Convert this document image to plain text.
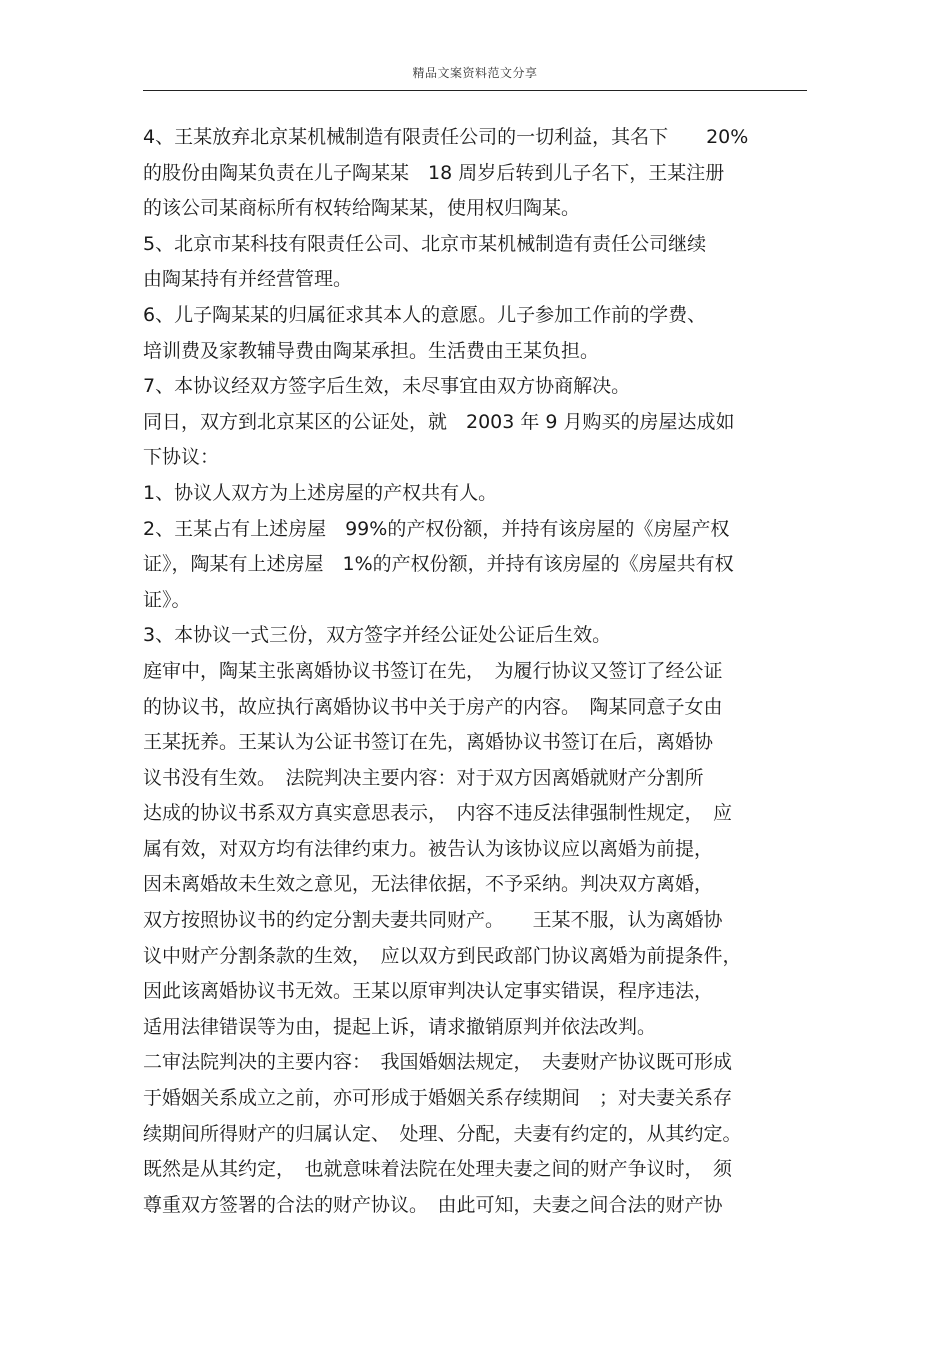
精品文案资料范文分享
4、王某放弃北京某机械制造有限责任公司的一切利益，其名下　　20%
的股份由陶某负责在儿子陶某某　18 周岁后转到儿子名下，王某注册
的该公司某商标所有权转给陶某某，使用权归陶某。
5、北京市某科技有限责任公司、北京市某机械制造有责任公司继续
由陶某持有并经营管理。
6、儿子陶某某的归属征求其本人的意愿。儿子参加工作前的学费、
培训费及家教辅导费由陶某承担。生活费由王某负担。
7、本协议经双方签字后生效，未尽事宜由双方协商解决。
同日，双方到北京某区的公证处，就　2003 年 9 月购买的房屋达成如
下协议：
1、协议人双方为上述房屋的产权共有人。
2、王某占有上述房屋　99%的产权份额，并持有该房屋的《房屋产权
证》，陶某有上述房屋　1%的产权份额，并持有该房屋的《房屋共有权
证》。
3、本协议一式三份，双方签字并经公证处公证后生效。
庭审中，陶某主张离婚协议书签订在先，　为履行协议又签订了经公证
的协议书，故应执行离婚协议书中关于房产的内容。　陶某同意子女由
王某抚养。王某认为公证书签订在先，离婚协议书签订在后，离婚协
议书没有生效。　法院判决主要内容：对于双方因离婚就财产分割所
达成的协议书系双方真实意思表示，　内容不违反法律强制性规定，　应
属有效，对双方均有法律约束力。被告认为该协议应以离婚为前提，
因未离婚故未生效之意见，无法律依据，不予采纳。判决双方离婚，
双方按照协议书的约定分割夫妻共同财产。　　王某不服，认为离婚协
议中财产分割条款的生效，　应以双方到民政部门协议离婚为前提条件，
因此该离婚协议书无效。王某以原审判决认定事实错误，程序违法，
适用法律错误等为由，提起上诉，请求撤销原判并依法改判。
二审法院判决的主要内容：　我国婚姻法规定，　夫妻财产协议既可形成
于婚姻关系成立之前，亦可形成于婚姻关系存续期间　；对夫妻关系存
续期间所得财产的归属认定、　处理、分配，夫妻有约定的，从其约定。
既然是从其约定，　也就意味着法院在处理夫妻之间的财产争议时，　须
尊重双方签署的合法的财产协议。　由此可知，夫妻之间合法的财产协
